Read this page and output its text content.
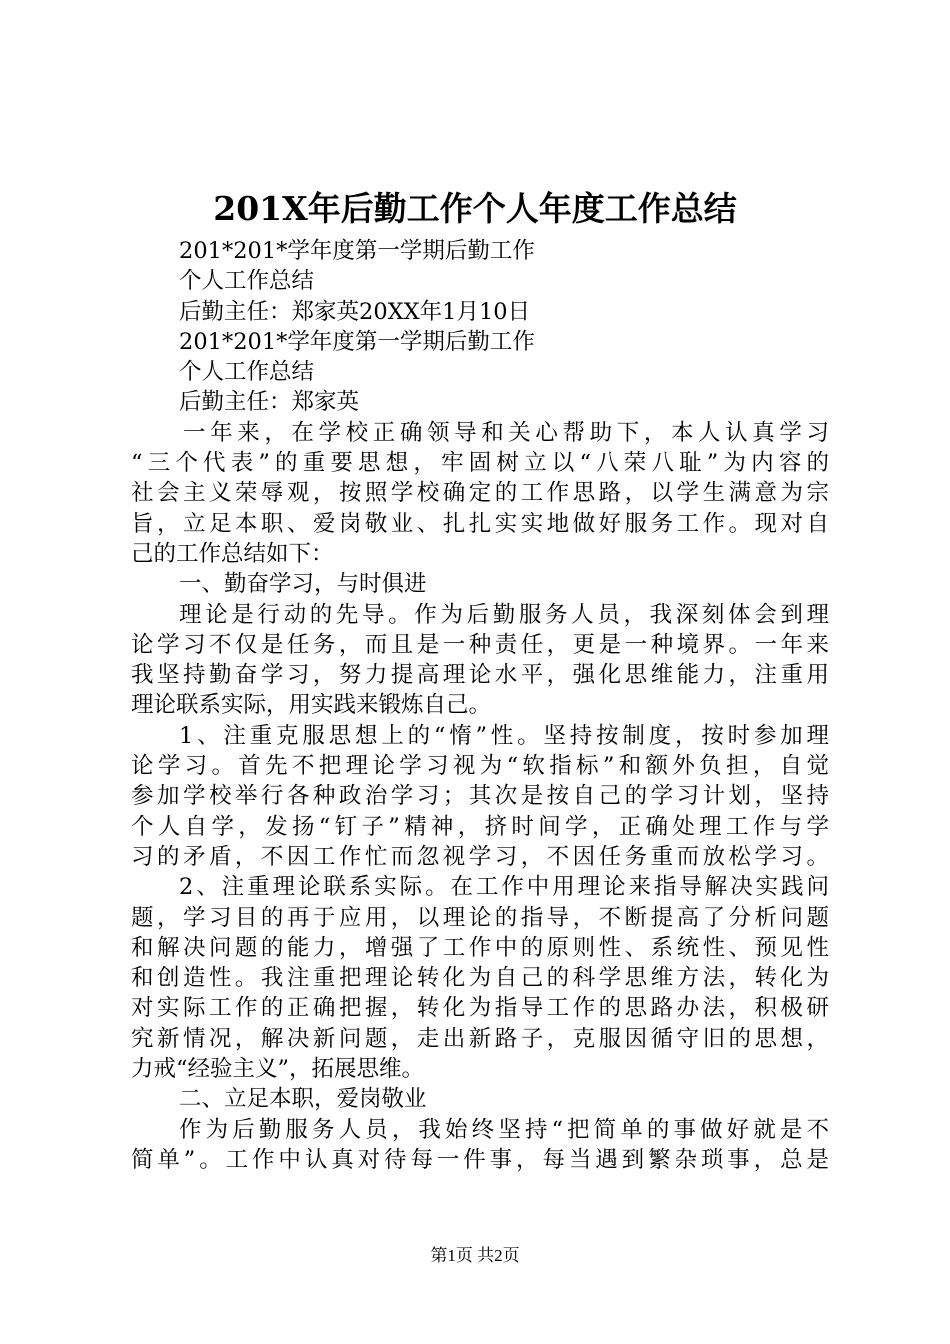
201X年后勤工作个人年度工作总结
201*201*学年度第一学期后勤工作
个人工作总结
后勤主任：郑家英20XX年1月10日
201*201*学年度第一学期后勤工作
个人工作总结
后勤主任：郑家英
一年来，在学校正确领导和关心帮助下，本人认真学习
“三个代表”的重要思想，牢固树立以“八荣八耻”为内容的
社会主义荣辱观，按照学校确定的工作思路，以学生满意为宗
旨，立足本职、爱岗敬业、扎扎实实地做好服务工作。现对自
己的工作总结如下：
一、勤奋学习，与时俱进
理论是行动的先导。作为后勤服务人员，我深刻体会到理
论学习不仅是任务，而且是一种责任，更是一种境界。一年来
我坚持勤奋学习，努力提高理论水平，强化思维能力，注重用
理论联系实际，用实践来锻炼自己。
1、注重克服思想上的“惰”性。坚持按制度，按时参加理
论学习。首先不把理论学习视为“软指标”和额外负担，自觉
参加学校举行各种政治学习；其次是按自己的学习计划，坚持
个人自学，发扬“钉子”精神，挤时间学，正确处理工作与学
习的矛盾，不因工作忙而忽视学习，不因任务重而放松学习。
2、注重理论联系实际。在工作中用理论来指导解决实践问
题，学习目的再于应用，以理论的指导，不断提高了分析问题
和解决问题的能力，增强了工作中的原则性、系统性、预见性
和创造性。我注重把理论转化为自己的科学思维方法，转化为
对实际工作的正确把握，转化为指导工作的思路办法，积极研
究新情况，解决新问题，走出新路子，克服因循守旧的思想，
力戒“经验主义”，拓展思维。
二、立足本职，爱岗敬业
作为后勤服务人员，我始终坚持“把简单的事做好就是不
简单”。工作中认真对待每一件事，每当遇到繁杂琐事，总是
第1页 共2页
